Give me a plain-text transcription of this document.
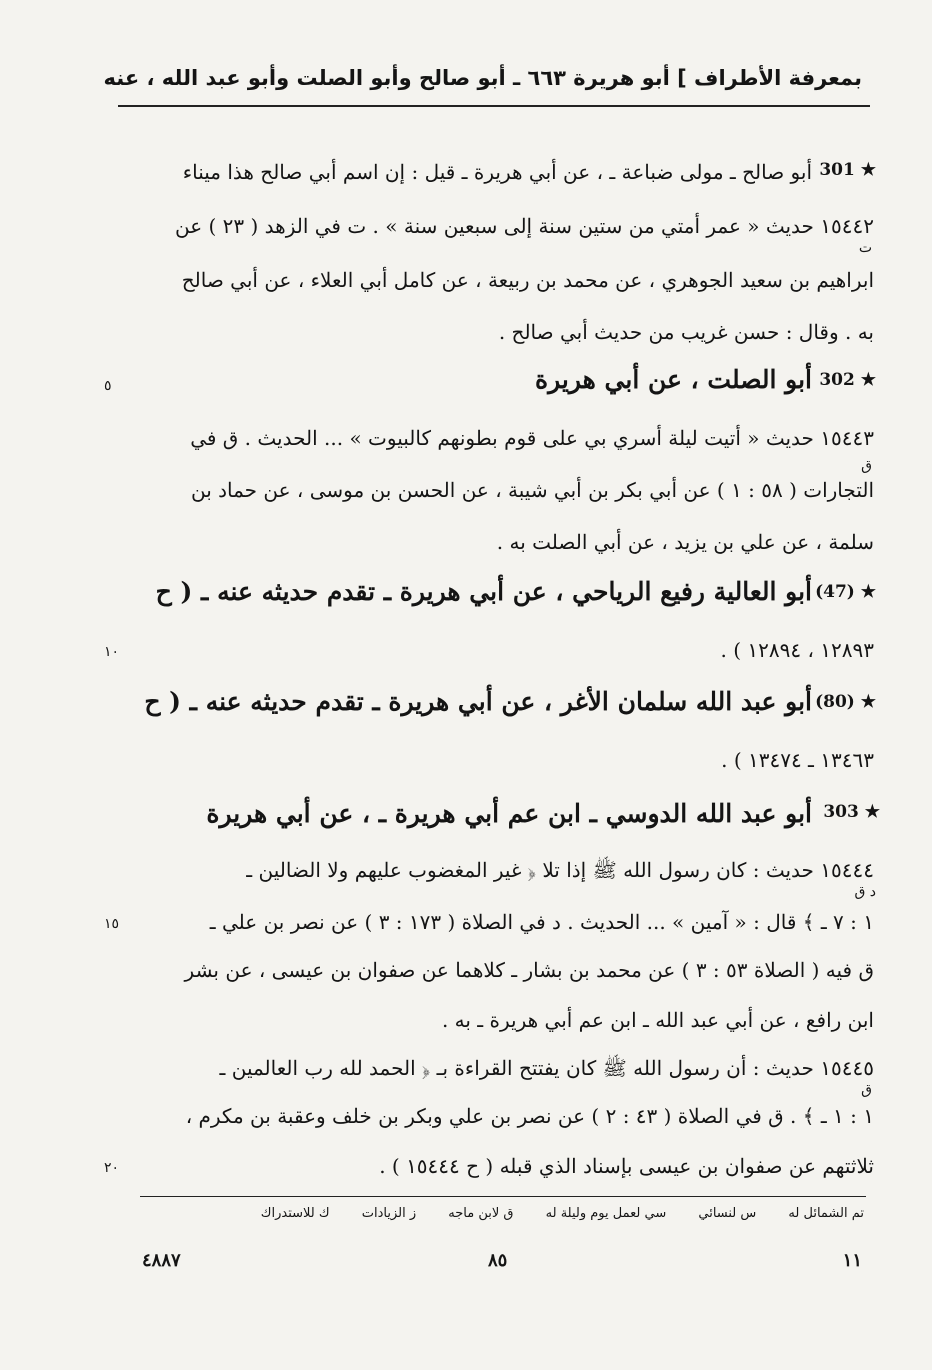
بمعرفة الأطراف ] أبو هريرة ٦٦٣ ـ أبو صالح وأبو الصلت وأبو عبد الله ، عنه
301 ★
أبو صالح ـ مولى ضباعة ـ ، عن أبي هريرة ـ قيل : إن اسم أبي صالح هذا ميناء
١٥٤٤٢ حديث « عمر أمتي من ستين سنة إلى سبعين سنة » . ت في الزهد ( ٢٣ ) عن
ابراهيم بن سعيد الجوهري ، عن محمد بن ربيعة ، عن كامل أبي العلاء ، عن أبي صالح
به . وقال : حسن غريب من حديث أبي صالح .
302 ★
أبو الصلت ، عن أبي هريرة
١٥٤٤٣ حديث « أتيت ليلة أسري بي على قوم بطونهم كالبيوت » ... الحديث . ق في
التجارات ( ٥٨ : ١ ) عن أبي بكر بن أبي شيبة ، عن الحسن بن موسى ، عن حماد بن
سلمة ، عن علي بن يزيد ، عن أبي الصلت به .
(47) ★
أبو العالية رفيع الرياحي ، عن أبي هريرة ـ تقدم حديثه عنه ـ ( ح
١٢٨٩٣ ، ١٢٨٩٤ ) .
(80) ★
أبو عبد الله سلمان الأغر ، عن أبي هريرة ـ تقدم حديثه عنه ـ ( ح
١٣٤٦٣ ـ ١٣٤٧٤ ) .
303 ★
أبو عبد الله الدوسي ـ ابن عم أبي هريرة ـ ، عن أبي هريرة
١٥٤٤٤ حديث : كان رسول الله ﷺ إذا تلا ﴿ غير المغضوب عليهم ولا الضالين ـ
١ : ٧ ـ ﴾ قال : « آمين » ... الحديث . د في الصلاة ( ١٧٣ : ٣ ) عن نصر بن علي ـ
ق فيه ( الصلاة ٥٣ : ٣ ) عن محمد بن بشار ـ كلاهما عن صفوان بن عيسى ، عن بشر
ابن رافع ، عن أبي عبد الله ـ ابن عم أبي هريرة ـ به .
١٥٤٤٥ حديث : أن رسول الله ﷺ كان يفتتح القراءة بـ ﴿ الحمد لله رب العالمين ـ
١ : ١ ـ ﴾ . ق في الصلاة ( ٤٣ : ٢ ) عن نصر بن علي وبكر بن خلف وعقبة بن مكرم ،
ثلاثتهم عن صفوان بن عيسى بإسناد الذي قبله ( ح ١٥٤٤٤ ) .
ت
ق
د ق
ق
٥
١٠
١٥
٢٠
تم الشمائل له س لنسائي سي لعمل يوم وليلة له ق لابن ماجه ز الزيادات ك للاستدراك
١١
٨٥
٤٨٨٧
